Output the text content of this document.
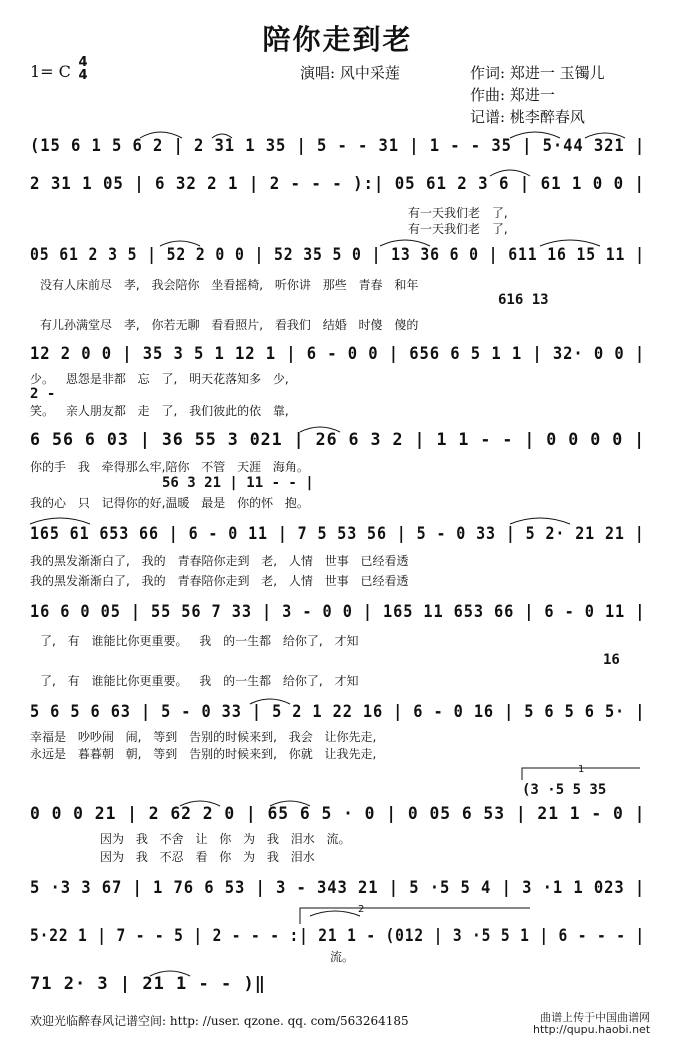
陪你走到老
1= C 4
4	演唱: 风中采莲	作词: 郑进一 玉镯儿
作曲: 郑进一
记谱: 桃李醉春风
(15 6 1 5 6 2 | 2 31 1 35 | 5 - - 31 | 1 - - 35 | 5·44 321 |
2 31 1 05 | 6 32 2 1 | 2 - - - ):| 05 61 2 3 6 | 61 1 0 0 |
有一天我们老 了,
有一天我们老 了,
05 61 2 3 5 | 52 2 0 0 | 52 35 5 0 | 13 36 6 0 | 611 16 15 11 |
没有人床前尽 孝, 我会陪你 坐看摇椅, 听你讲 那些 青春 和年
616 13
有儿孙满堂尽 孝, 你若无聊 看看照片, 看我们 结婚 时傻 傻的
12 2 0 0 | 35 3 5 1 12 1 | 6 - 0 0 | 656 6 5 1 1 | 32· 0 0 |
少。 恩怨是非都 忘 了, 明天花落知多 少,
2 -
笑。 亲人朋友都 走 了, 我们彼此的依 靠,
6 56 6 03 | 36 55 3 021 | 26 6 3 2 | 1 1 - - | 0 0 0 0 |
你的手 我 牵得那么牢,陪你 不管 天涯 海角。
56 3 21 | 11 - - |
我的心 只 记得你的好,温暖 最是 你的怀 抱。
165 61 653 66 | 6 - 0 11 | 7 5 53 56 | 5 - 0 33 | 5 2· 21 21 |
我的黑发渐渐白了, 我的 青春陪你走到 老, 人情 世事 已经看透
我的黑发渐渐白了, 我的 青春陪你走到 老, 人情 世事 已经看透
16 6 0 05 | 55 56 7 33 | 3 - 0 0 | 165 11 653 66 | 6 - 0 11 |
了, 有 谁能比你更重要。 我 的一生都 给你了, 才知
16
了, 有 谁能比你更重要。 我 的一生都 给你了, 才知
5 6 5 6 63 | 5 - 0 33 | 5 2 1 22 16 | 6 - 0 16 | 5 6 5 6 5· |
幸福是 吵吵闹 闹, 等到 告别的时候来到, 我会 让你先走,
永远是 暮暮朝 朝, 等到 告别的时候来到, 你就 让我先走,
(3 ·5 5 35
0 0 0 21 | 2 62 2 0 | 65 6 5 · 0 | 0 05 6 53 | 21 1 - 0 |
因为 我 不舍 让 你 为 我 泪水 流。
因为 我 不忍 看 你 为 我 泪水
5 ·3 3 67 | 1 76 6 53 | 3 - 343 21 | 5 ·5 5 4 | 3 ·1 1 023 |
5·22 1 | 7 - - 5 | 2 - - - :| 21 1 - (012 | 3 ·5 5 1 | 6 - - - |
流。
71 2· 3 | 21 1 - - )‖
欢迎光临醉春风记谱空间: http: //user. qzone. qq. com/563264185	曲谱上传于中国曲谱网
http://qupu.haobi.net
1
2
